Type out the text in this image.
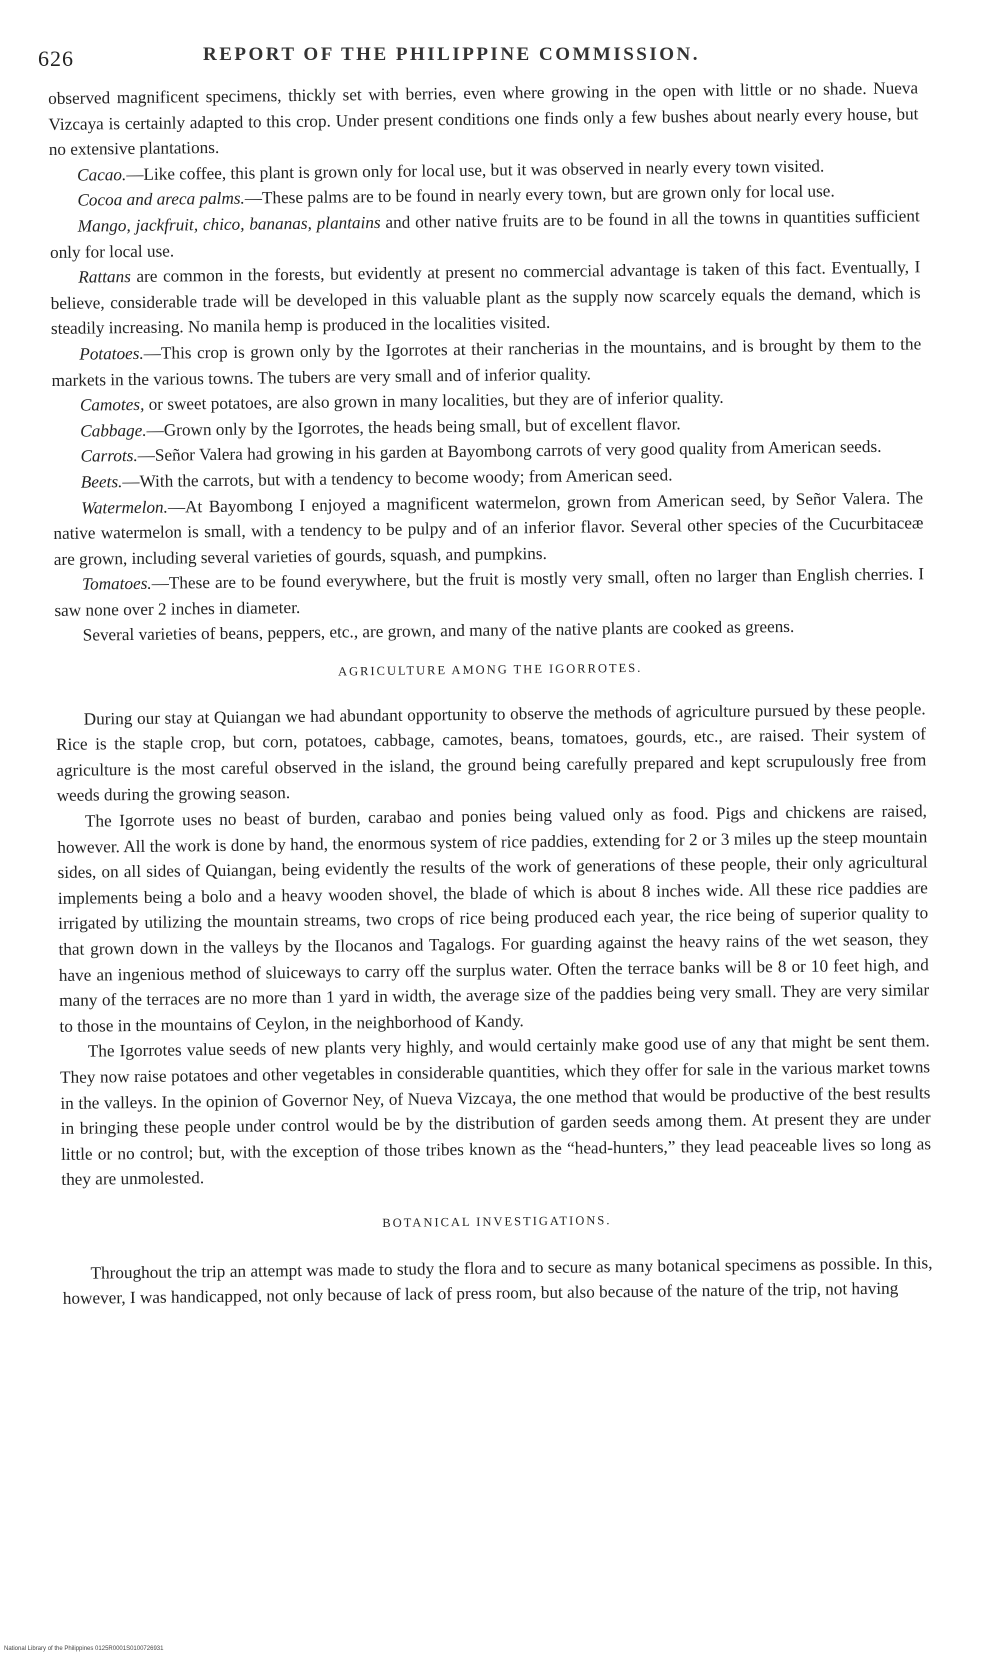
626	REPORT OF THE PHILIPPINE COMMISSION.

observed magnificent specimens, thickly set with berries, even where growing in the open with little or no shade. Nueva Vizcaya is certainly adapted to this crop. Under present conditions one finds only a few bushes about nearly every house, but no extensive plantations.

Cacao.—Like coffee, this plant is grown only for local use, but it was observed in nearly every town visited.

Cocoa and areca palms.—These palms are to be found in nearly every town, but are grown only for local use.

Mango, jackfruit, chico, bananas, plantains and other native fruits are to be found in all the towns in quantities sufficient only for local use.

Rattans are common in the forests, but evidently at present no commercial advantage is taken of this fact. Eventually, I believe, considerable trade will be developed in this valuable plant as the supply now scarcely equals the demand, which is steadily increasing. No manila hemp is produced in the localities visited.

Potatoes.—This crop is grown only by the Igorrotes at their rancherias in the mountains, and is brought by them to the markets in the various towns. The tubers are very small and of inferior quality.

Camotes, or sweet potatoes, are also grown in many localities, but they are of inferior quality.

Cabbage.—Grown only by the Igorrotes, the heads being small, but of excellent flavor.

Carrots.—Señor Valera had growing in his garden at Bayombong carrots of very good quality from American seeds.

Beets.—With the carrots, but with a tendency to become woody; from American seed.

Watermelon.—At Bayombong I enjoyed a magnificent watermelon, grown from American seed, by Señor Valera. The native watermelon is small, with a tendency to be pulpy and of an inferior flavor. Several other species of the Cucurbitaceæ are grown, including several varieties of gourds, squash, and pumpkins.

Tomatoes.—These are to be found everywhere, but the fruit is mostly very small, often no larger than English cherries. I saw none over 2 inches in diameter.

Several varieties of beans, peppers, etc., are grown, and many of the native plants are cooked as greens.

AGRICULTURE AMONG THE IGORROTES.

During our stay at Quiangan we had abundant opportunity to observe the methods of agriculture pursued by these people. Rice is the staple crop, but corn, potatoes, cabbage, camotes, beans, tomatoes, gourds, etc., are raised. Their system of agriculture is the most careful observed in the island, the ground being carefully prepared and kept scrupulously free from weeds during the growing season.

The Igorrote uses no beast of burden, carabao and ponies being valued only as food. Pigs and chickens are raised, however. All the work is done by hand, the enormous system of rice paddies, extending for 2 or 3 miles up the steep mountain sides, on all sides of Quiangan, being evidently the results of the work of generations of these people, their only agricultural implements being a bolo and a heavy wooden shovel, the blade of which is about 8 inches wide. All these rice paddies are irrigated by utilizing the mountain streams, two crops of rice being produced each year, the rice being of superior quality to that grown down in the valleys by the Ilocanos and Tagalogs. For guarding against the heavy rains of the wet season, they have an ingenious method of sluiceways to carry off the surplus water. Often the terrace banks will be 8 or 10 feet high, and many of the terraces are no more than 1 yard in width, the average size of the paddies being very small. They are very similar to those in the mountains of Ceylon, in the neighborhood of Kandy.

The Igorrotes value seeds of new plants very highly, and would certainly make good use of any that might be sent them. They now raise potatoes and other vegetables in considerable quantities, which they offer for sale in the various market towns in the valleys. In the opinion of Governor Ney, of Nueva Vizcaya, the one method that would be productive of the best results in bringing these people under control would be by the distribution of garden seeds among them. At present they are under little or no control; but, with the exception of those tribes known as the “head-hunters,” they lead peaceable lives so long as they are unmolested.

BOTANICAL INVESTIGATIONS.

Throughout the trip an attempt was made to study the flora and to secure as many botanical specimens as possible. In this, however, I was handicapped, not only because of lack of press room, but also because of the nature of the trip, not having

National Library of the Philippines 0125R0001S0100726931
